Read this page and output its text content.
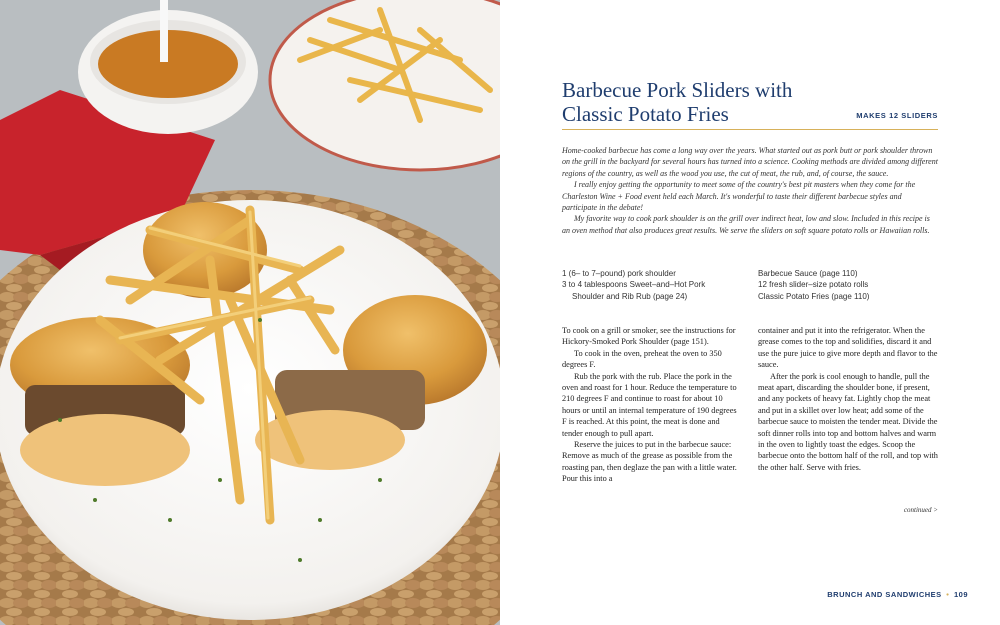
Barbecue Pork Sliders with
Classic Potato Fries	MAKES 12 SLIDERS

Home-cooked barbecue has come a long way over the years. What started out as pork butt or pork shoulder thrown on the grill in the backyard for several hours has turned into a science. Cooking methods are divided among different regions of the country, as well as the wood you use, the cut of meat, the rub, and, of course, the sauce.

I really enjoy getting the opportunity to meet some of the country's best pit masters when they come for the Charleston Wine + Food event held each March. It's wonderful to taste their different barbecue styles and participate in the debate!

My favorite way to cook pork shoulder is on the grill over indirect heat, low and slow. Included in this recipe is an oven method that also produces great results. We serve the sliders on soft square potato rolls or Hawaiian rolls.

1 (6– to 7–pound) pork shoulder
3 to 4 tablespoons Sweet–and–Hot Pork Shoulder and Rib Rub (page 24)
Barbecue Sauce (page 110)
12 fresh slider–size potato rolls
Classic Potato Fries (page 110)

To cook on a grill or smoker, see the instructions for Hickory-Smoked Pork Shoulder (page 151).

To cook in the oven, preheat the oven to 350 degrees F.

Rub the pork with the rub. Place the pork in the oven and roast for 1 hour. Reduce the temperature to 210 degrees F and continue to roast for about 10 hours or until an internal temperature of 190 degrees F is reached. At this point, the meat is done and tender enough to pull apart.

Reserve the juices to put in the barbecue sauce: Remove as much of the grease as possible from the roasting pan, then deglaze the pan with a little water. Pour this into a

container and put it into the refrigerator. When the grease comes to the top and solidifies, discard it and use the pure juice to give more depth and flavor to the sauce.

After the pork is cool enough to handle, pull the meat apart, discarding the shoulder bone, if present, and any pockets of heavy fat. Lightly chop the meat and put in a skillet over low heat; add some of the barbecue sauce to moisten the tender meat. Divide the soft dinner rolls into top and bottom halves and warm in the oven to lightly toast the edges. Scoop the barbecue onto the bottom half of the roll, and top with the other half. Serve with fries.

continued >
BRUNCH AND SANDWICHES • 109
